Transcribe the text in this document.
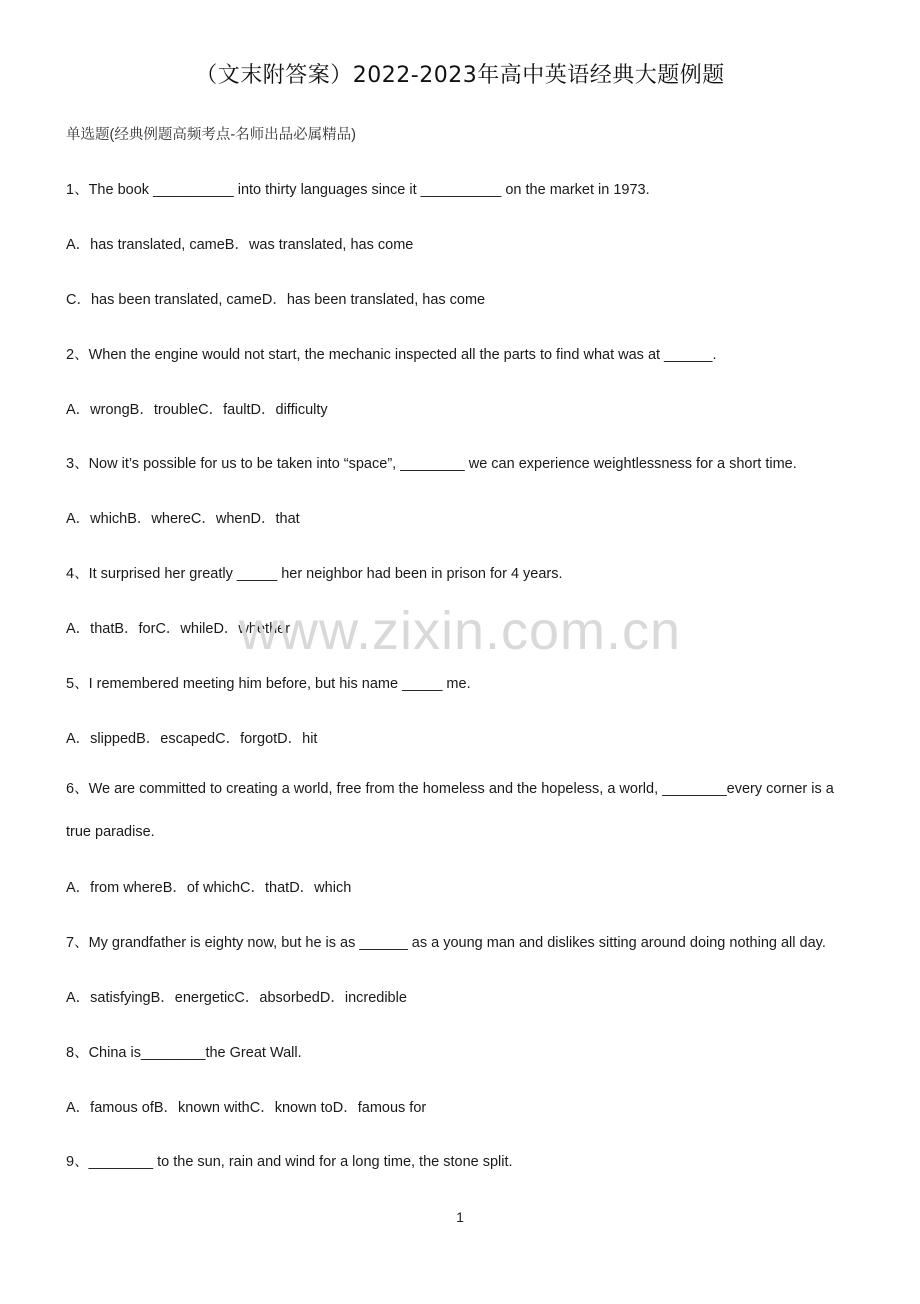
（文末附答案）2022-2023年高中英语经典大题例题
单选题(经典例题高频考点-名师出品必属精品)
1、The book __________ into thirty languages since it __________ on the market in 1973.
A．has translated, cameB．was translated, has come
C．has been translated, cameD．has been translated, has come
2、When the engine would not start, the mechanic inspected all the parts to find what was at ______.
A．wrongB．troubleC．faultD．difficulty
3、Now it’s possible for us to be taken into “space”, ________ we can experience weightlessness for a short time.
A．whichB．whereC．whenD．that
4、It surprised her greatly _____ her neighbor had been in prison for 4 years.
A．thatB．forC．whileD．whether
5、I remembered meeting him before, but his name _____ me.
A．slippedB．escapedC．forgotD．hit
6、We are committed to creating a world, free from the homeless and the hopeless, a world, ________every corner is a true paradise.
A．from whereB．of whichC．thatD．which
7、My grandfather is eighty now, but he is as ______ as a young man and dislikes sitting around doing nothing all day.
A．satisfyingB．energeticC．absorbedD．incredible
8、China is________the Great Wall.
A．famous ofB．known withC．known toD．famous for
9、________ to the sun, rain and wind for a long time, the stone split.
www.zixin.com.cn
1
